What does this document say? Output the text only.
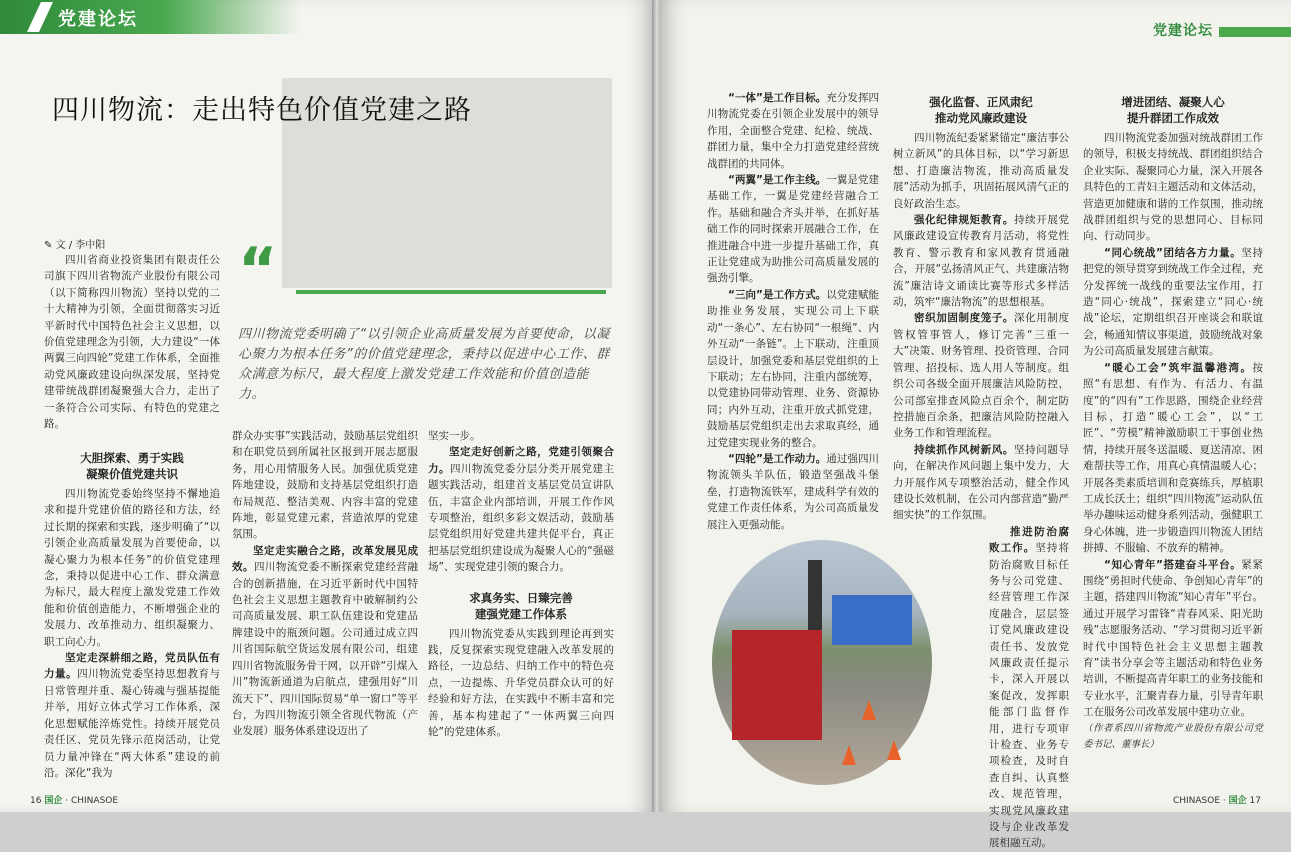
党建论坛
四川物流：走出特色价值党建之路
✎ 文 / 李中阳

四川省商业投资集团有限责任公司旗下四川省物流产业股份有限公司（以下简称四川物流）坚持以党的二十大精神为引领，全面贯彻落实习近平新时代中国特色社会主义思想，以价值党建理念为引领，大力建设“一体两翼三向四轮”党建工作体系，全面推动党风廉政建设向纵深发展，坚持党建带统战群团凝聚强大合力，走出了一条符合公司实际、有特色的党建之路。

“
四川物流党委明确了“以引领企业高质量发展为首要使命，以凝心聚力为根本任务”的价值党建理念，秉持以促进中心工作、群众满意为标尺，最大程度上激发党建工作效能和价值创造能力。
大胆探索、勇于实践
凝聚价值党建共识

四川物流党委始终坚持不懈地追求和提升党建价值的路径和方法，经过长期的探索和实践，逐步明确了“以引领企业高质量发展为首要使命，以凝心聚力为根本任务”的价值党建理念，秉持以促进中心工作、群众满意为标尺，最大程度上激发党建工作效能和价值创造能力，不断增强企业的发展力、改革推动力、组织凝聚力、职工向心力。

坚定走深耕细之路，党员队伍有力量。四川物流党委坚持思想教育与日常管理并重、凝心铸魂与强基提能并举，用好立体式学习工作体系，深化思想赋能淬炼党性。持续开展党员责任区、党员先锋示范岗活动，让党员力量冲锋在“两大体系”建设的前沿。深化“我为

群众办实事”实践活动，鼓励基层党组织和在职党员到所属社区报到开展志愿服务，用心用情服务人民。加强优质党建阵地建设，鼓励和支持基层党组织打造布局规范、整洁美观、内容丰富的党建阵地，彰显党建元素，营造浓厚的党建氛围。

坚定走实融合之路，改革发展见成效。四川物流党委不断探索党建经营融合的创新措施，在习近平新时代中国特色社会主义思想主题教育中破解制约公司高质量发展、职工队伍建设和党建品牌建设中的瓶颈问题。公司通过成立四川省国际航空货运发展有限公司，组建四川省物流服务骨干网，以开辟“引煤入川”物流新通道为启航点，建强用好“川流天下”、四川国际贸易“单一窗口”等平台，为四川物流引领全省现代物流（产业发展）服务体系建设迈出了

坚实一步。

坚定走好创新之路，党建引领聚合力。四川物流党委分层分类开展党建主题实践活动，组建首支基层党员宣讲队伍，丰富企业内部培训，开展工作作风专项整治，组织多彩文娱活动，鼓励基层党组织用好党建共建共促平台，真正把基层党组织建设成为凝聚人心的“强磁场”、实现党建引领的聚合力。

求真务实、日臻完善
建强党建工作体系

四川物流党委从实践到理论再到实践，反复探索实现党建融入改革发展的路径，一边总结、归纳工作中的特色亮点，一边提炼、升华党员群众认可的好经验和好方法，在实践中不断丰富和完善，基本构建起了“一体两翼三向四轮”的党建体系。

16 国企 · CHINASOE
党建论坛

“一体”是工作目标。充分发挥四川物流党委在引领企业发展中的领导作用，全面整合党建、纪检、统战、群团力量，集中全力打造党建经营统战群团的共同体。

“两翼”是工作主线。一翼是党建基础工作，一翼是党建经营融合工作。基础和融合齐头并举，在抓好基础工作的同时探索开展融合工作，在推进融合中进一步提升基础工作，真正让党建成为助推公司高质量发展的强劲引擎。

“三向”是工作方式。以党建赋能助推业务发展，实现公司上下联动“一条心”、左右协同“一根绳”、内外互动“一条链”。上下联动，注重顶层设计，加强党委和基层党组织的上下联动；左右协同，注重内部统筹，以党建协同带动管理、业务、资源协同；内外互动，注重开放式抓党建，鼓励基层党组织走出去求取真经，通过党建实现业务的整合。

“四轮”是工作动力。通过强四川物流领头羊队伍，锻造坚强战斗堡垒，打造物流铁军，建成科学有效的党建工作责任体系，为公司高质量发展注入更强动能。

强化监督、正风肃纪
推动党风廉政建设

四川物流纪委紧紧锚定“廉洁事公树立新风”的具体目标，以“学习新思想、打造廉洁物流，推动高质量发展”活动为抓手，巩固拓展风清气正的良好政治生态。

强化纪律规矩教育。持续开展党风廉政建设宣传教育月活动，将党性教育、警示教育和家风教育贯通融合，开展“弘扬清风正气、共建廉洁物流”廉洁诗文诵读比赛等形式多样活动，筑牢“廉洁物流”的思想根基。

密织加固制度笼子。深化用制度管权管事管人，修订完善“三重一大”决策、财务管理、投资管理、合同管理、招投标、选人用人等制度。组织公司各级全面开展廉洁风险防控，公司部室排查风险点百余个，制定防控措施百余条，把廉洁风险防控融入业务工作和管理流程。

持续抓作风树新风。坚持问题导向，在解决作风问题上集中发力，大力开展作风专项整治活动，健全作风建设长效机制，在公司内部营造“勤严细实快”的工作氛围。

推进防治腐败工作。坚持将防治腐败目标任务与公司党建、经营管理工作深度融合，层层签订党风廉政建设责任书、发放党风廉政责任提示卡，深入开展以案促改，发挥职能部门监督作用，进行专项审计检查、业务专项检查，及时自查自纠、认真整改、规范管理，实现党风廉政建设与企业改革发展相融互动。

增进团结、凝聚人心
提升群团工作成效

四川物流党委加强对统战群团工作的领导，积极支持统战、群团组织结合企业实际、凝聚同心力量，深入开展各具特色的工青妇主题活动和文体活动，营造更加健康和谐的工作氛围，推动统战群团组织与党的思想同心、目标同向、行动同步。

“同心统战”团结各方力量。坚持把党的领导贯穿到统战工作全过程，充分发挥统一战线的重要法宝作用，打造“同心·统战”，探索建立“同心·统战”论坛，定期组织召开座谈会和联谊会，畅通知情议事渠道，鼓励统战对象为公司高质量发展建言献策。

“暖心工会”筑牢温馨港湾。按照“有思想、有作为、有活力、有温度”的“四有”工作思路，围绕企业经营目标，打造“暖心工会”，以“工匠”、“劳模”精神激励职工干事创业热情，持续开展冬送温暖、夏送清凉、困难帮扶等工作，用真心真情温暖人心；开展各类素质培训和竞赛练兵，厚植职工成长沃土；组织“四川物流”运动队伍举办趣味运动健身系列活动，强健职工身心体魄，进一步锻造四川物流人团结拼搏、不服输、不放弃的精神。

“知心青年”搭建奋斗平台。紧紧围绕“勇担时代使命、争创知心青年”的主题，搭建四川物流“知心青年”平台。通过开展学习雷锋“青春风采、阳光助残”志愿服务活动、“学习贯彻习近平新时代中国特色社会主义思想主题教育”读书分享会等主题活动和特色业务培训，不断提高青年职工的业务技能和专业水平，汇聚青春力量，引导青年职工在服务公司改革发展中建功立业。

（作者系四川省物流产业股份有限公司党委书记、董事长）

CHINASOE · 国企 17
